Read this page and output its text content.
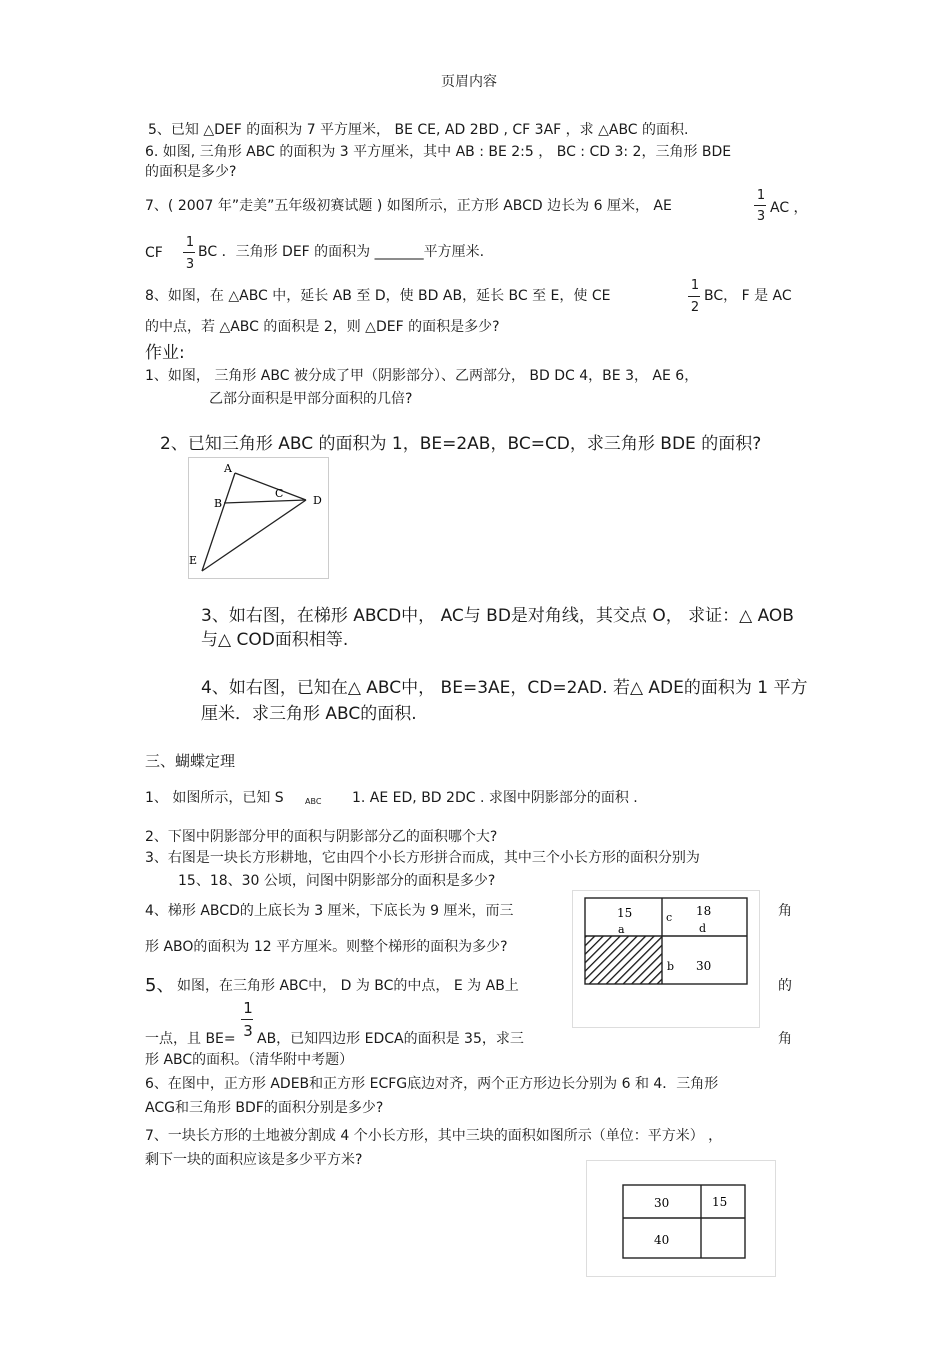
页眉内容
5、已知 △DEF 的面积为 7 平方厘米， BE CE, AD 2BD , CF 3AF ，求 △ABC 的面积.
6. 如图, 三角形 ABC 的面积为 3 平方厘米，其中 AB : BE 2:5 ， BC : CD 3: 2，三角形 BDE
的面积是多少?
7、( 2007 年”走美”五年级初赛试题 ) 如图所示，正方形 ABCD 边长为 6 厘米， AE
1
3
AC ，
CF
1
3
BC ．三角形 DEF 的面积为 _______平方厘米.
8、如图，在 △ABC 中，延长 AB 至 D，使 BD AB，延长 BC 至 E，使 CE
1
2
BC， F 是 AC
的中点，若 △ABC 的面积是 2，则 △DEF 的面积是多少?
作业:
1、如图， 三角形 ABC 被分成了甲（阴影部分）、乙两部分， BD DC 4，BE 3， AE 6，
乙部分面积是甲部分面积的几倍?
2、已知三角形 ABC 的面积为 1，BE=2AB，BC=CD，求三角形 BDE 的面积?
A
B
C
D
E
3、如右图，在梯形 ABCD中， AC与 BD是对角线，其交点 O， 求证：△ AOB
与△ COD面积相等.
4、如右图，已知在△ ABC中， BE=3AE，CD=2AD. 若△ ADE的面积为 1 平方
厘米．求三角形 ABC的面积.
三、蝴蝶定理
1、 如图所示，已知 S	ABC 1. AE ED, BD 2DC . 求图中阴影部分的面积 .
2、下图中阴影部分甲的面积与阴影部分乙的面积哪个大?
3、右图是一块长方形耕地，它由四个小长方形拼合而成，其中三个小长方形的面积分别为
15、18、30 公顷，问图中阴影部分的面积是多少?
4、梯形 ABCD的上底长为 3 厘米，下底长为 9 厘米，而三	角
形 ABO的面积为 12 平方厘米。则整个梯形的面积为多少?
15
a
c 18
d
b 30
5、 如图，在三角形 ABC中， D 为 BC的中点， E 为 AB上	的
1
一点，且 BE= 3 AB，已知四边形 EDCA的面积是 35，求三	角
形 ABC的面积。（清华附中考题）
6、在图中，正方形 ADEB和正方形 ECFG底边对齐，两个正方形边长分别为 6 和 4．三角形
ACG和三角形 BDF的面积分别是多少?
7、一块长方形的土地被分割成 4 个小长方形，其中三块的面积如图所示（单位：平方米） ，
剩下一块的面积应该是多少平方米?
30	15
40
